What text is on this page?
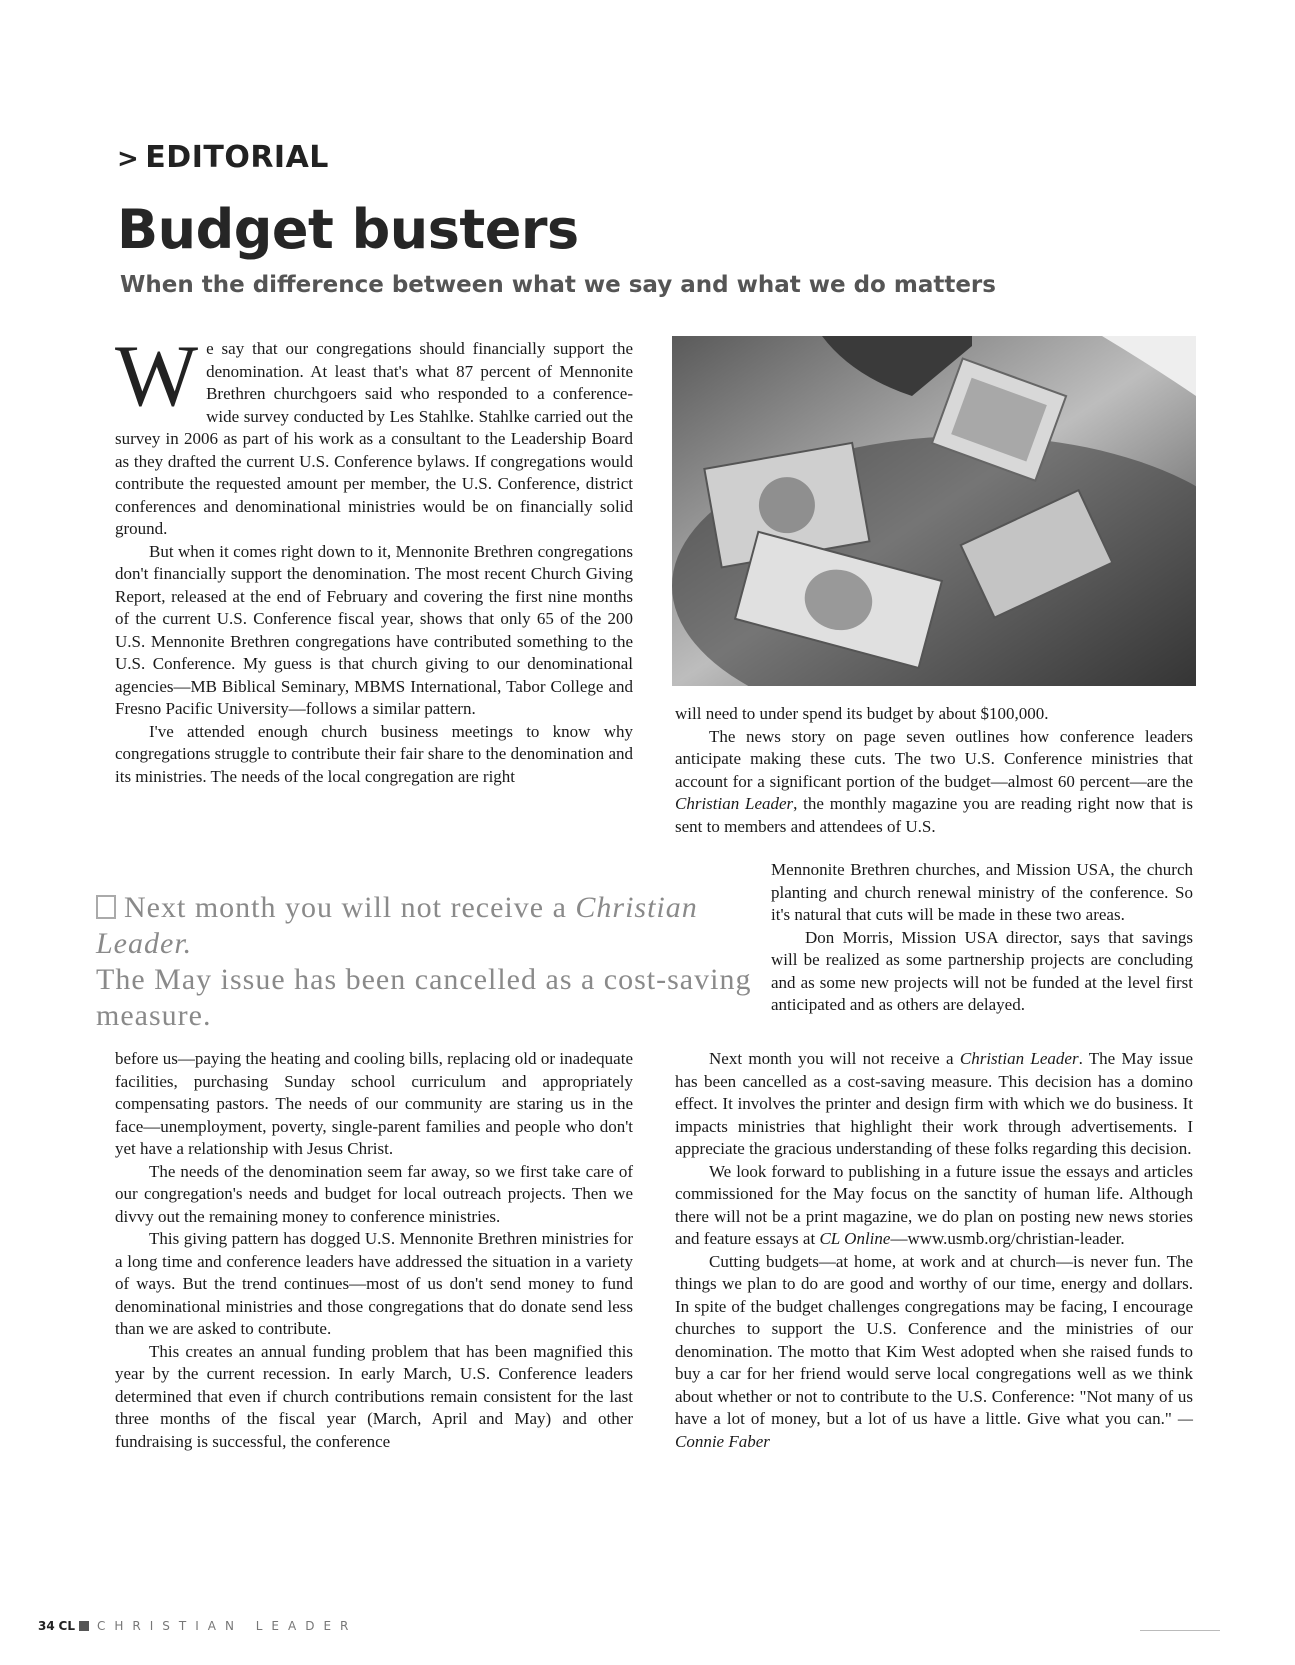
> EDITORIAL
Budget busters
When the difference between what we say and what we do matters

We say that our congregations should financially support the denomination. At least that's what 87 percent of Mennonite Brethren churchgoers said who responded to a conference-wide survey conducted by Les Stahlke. Stahlke carried out the survey in 2006 as part of his work as a consultant to the Leadership Board as they drafted the current U.S. Conference bylaws. If congregations would contribute the requested amount per member, the U.S. Conference, district conferences and denominational ministries would be on financially solid ground.

But when it comes right down to it, Mennonite Brethren congregations don't financially support the denomination. The most recent Church Giving Report, released at the end of February and covering the first nine months of the current U.S. Conference fiscal year, shows that only 65 of the 200 U.S. Mennonite Brethren congregations have contributed something to the U.S. Conference. My guess is that church giving to our denominational agencies—MB Biblical Seminary, MBMS International, Tabor College and Fresno Pacific University—follows a similar pattern.

I've attended enough church business meetings to know why congregations struggle to contribute their fair share to the denomination and its ministries. The needs of the local congregation are right

Next month you will not receive a Christian Leader.
The May issue has been cancelled as a cost-saving measure.

before us—paying the heating and cooling bills, replacing old or inadequate facilities, purchasing Sunday school curriculum and appropriately compensating pastors. The needs of our community are staring us in the face—unemployment, poverty, single-parent families and people who don't yet have a relationship with Jesus Christ.

The needs of the denomination seem far away, so we first take care of our congregation's needs and budget for local outreach projects. Then we divvy out the remaining money to conference ministries.

This giving pattern has dogged U.S. Mennonite Brethren ministries for a long time and conference leaders have addressed the situation in a variety of ways. But the trend continues—most of us don't send money to fund denominational ministries and those congregations that do donate send less than we are asked to contribute.

This creates an annual funding problem that has been magnified this year by the current recession. In early March, U.S. Conference leaders determined that even if church contributions remain consistent for the last three months of the fiscal year (March, April and May) and other fundraising is successful, the conference

will need to under spend its budget by about $100,000.

The news story on page seven outlines how conference leaders anticipate making these cuts. The two U.S. Conference ministries that account for a significant portion of the budget—almost 60 percent—are the Christian Leader, the monthly magazine you are reading right now that is sent to members and attendees of U.S.

Mennonite Brethren churches, and Mission USA, the church planting and church renewal ministry of the conference. So it's natural that cuts will be made in these two areas.

Don Morris, Mission USA director, says that savings will be realized as some partnership projects are concluding and as some new projects will not be funded at the level first anticipated and as others are delayed.

Next month you will not receive a Christian Leader. The May issue has been cancelled as a cost-saving measure. This decision has a domino effect. It involves the printer and design firm with which we do business. It impacts ministries that highlight their work through advertisements. I appreciate the gracious understanding of these folks regarding this decision.

We look forward to publishing in a future issue the essays and articles commissioned for the May focus on the sanctity of human life. Although there will not be a print magazine, we do plan on posting new news stories and feature essays at CL Online—www.usmb.org/christian-leader.

Cutting budgets—at home, at work and at church—is never fun. The things we plan to do are good and worthy of our time, energy and dollars. In spite of the budget challenges congregations may be facing, I encourage churches to support the U.S. Conference and the ministries of our denomination. The motto that Kim West adopted when she raised funds to buy a car for her friend would serve local congregations well as we think about whether or not to contribute to the U.S. Conference: "Not many of us have a lot of money, but a lot of us have a little. Give what you can." —Connie Faber

34 CL CHRISTIAN LEADER
